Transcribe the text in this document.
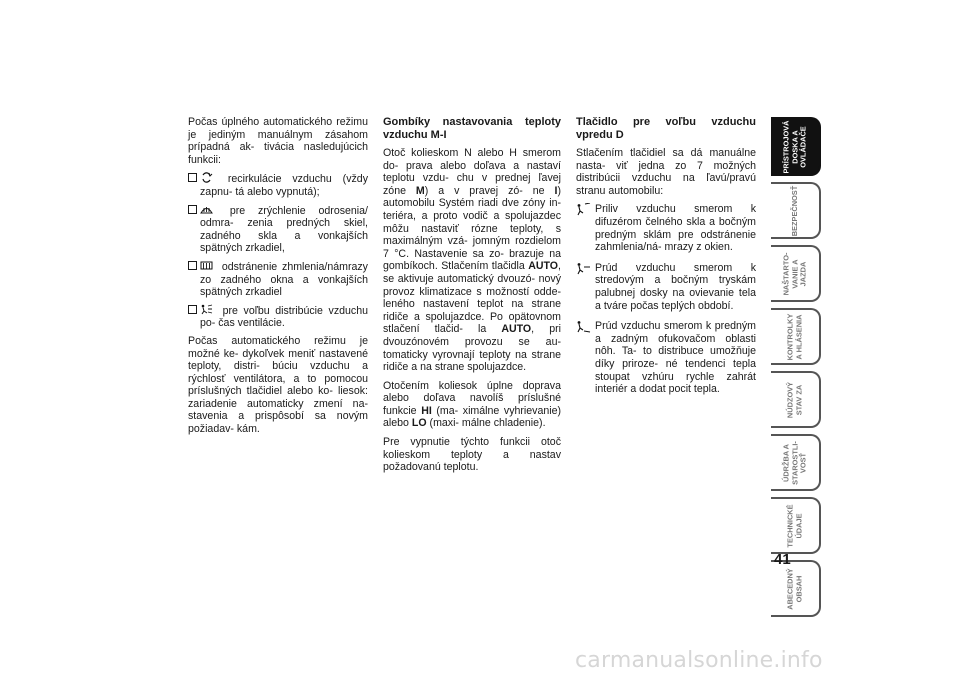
Počas úplného automatického režimu je jediným manuálnym zásahom prípadná ak- tivácia nasledujúcich funkcii:

recirkulácie vzduchu (vždy zapnu- tá alebo vypnutá);
pre zrýchlenie odrosenia/ odmra- zenia predných skiel, zadného skla a vonkajších spätných zrkadiel,
odstránenie zhmlenia/námrazy zo zadného okna a vonkajších spätných zrkadiel
pre voľbu distribúcie vzduchu po- čas ventilácie.

Počas automatického režimu je možné ke- dykoľvek meniť nastavené teploty, distri- búciu vzduchu a rýchlosť ventilátora, a to pomocou príslušných tlačidiel alebo ko- liesok: zariadenie automaticky zmení na- stavenia a prispôsobí sa novým požiadav- kám.

Gombíky nastavovania teploty vzduchu M-I

Otoč kolieskom N alebo H smerom do- prava alebo doľava a nastaví teplotu vzdu- chu v prednej ľavej zóne M) a v pravej zó- ne I) automobilu Systém riadi dve zóny in- teriéra, a proto vodič a spolujazdec môžu nastaviť rózne teploty, s maximálným vzá- jomným rozdielom 7 °C. Nastavenie sa zo- brazuje na gombíkoch. Stlačením tlačidla AUTO, se aktivuje automatický dvouzó- nový provoz klimatizace s možností odde- leného nastavení teplot na strane ridiče a spolujazdce. Po opätovnom stlačení tlačid- la AUTO, pri dvouzónovém provozu se au- tomaticky vyrovnají teploty na strane ridiče a na strane spolujazdce.

Otočením koliesok úplne doprava alebo doľava navolíš príslušné funkcie HI (ma- ximálne vyhrievanie) alebo LO (maxi- málne chladenie).

Pre vypnutie týchto funkcii otoč kolieskom teploty a nastav požadovanú teplotu.

Tlačidlo pre voľbu vzduchu vpredu D

Stlačením tlačidiel sa dá manuálne nasta- viť jedna zo 7 možných distribúcii vzduchu na ľavú/pravú stranu automobilu:

Priliv vzduchu smerom k difuzérom čelného skla a bočným predným sklám pre odstránenie zahmlenia/ná- mrazy z okien.
Prúd vzduchu smerom k stredovým a bočným tryskám palubnej dosky na ovievanie tela a tváre počas teplých období.
Prúd vzduchu smerom k predným a zadným ofukovačom oblasti nôh. Ta- to distribuce umožňuje díky priroze- né tendenci tepla stoupat vzhúru rychle zahrát interiér a dodat pocit tepla.
PRÍSTROJOVÁ
DOSKA A
OVLÁDAČE
BEZPEČNOSŤ
NAŠTARTO-
VANIE A
JAZDA
KONTROLKY
A HLÁSENIA
NÚDZOVÝ
STAV ZA
ÚDRŽBA A
STAROSTLI-
VOSŤ
TECHNICKÉ
ÚDAJE
ABECEDNÝ
OBSAH
41
carmanualsonline.info
